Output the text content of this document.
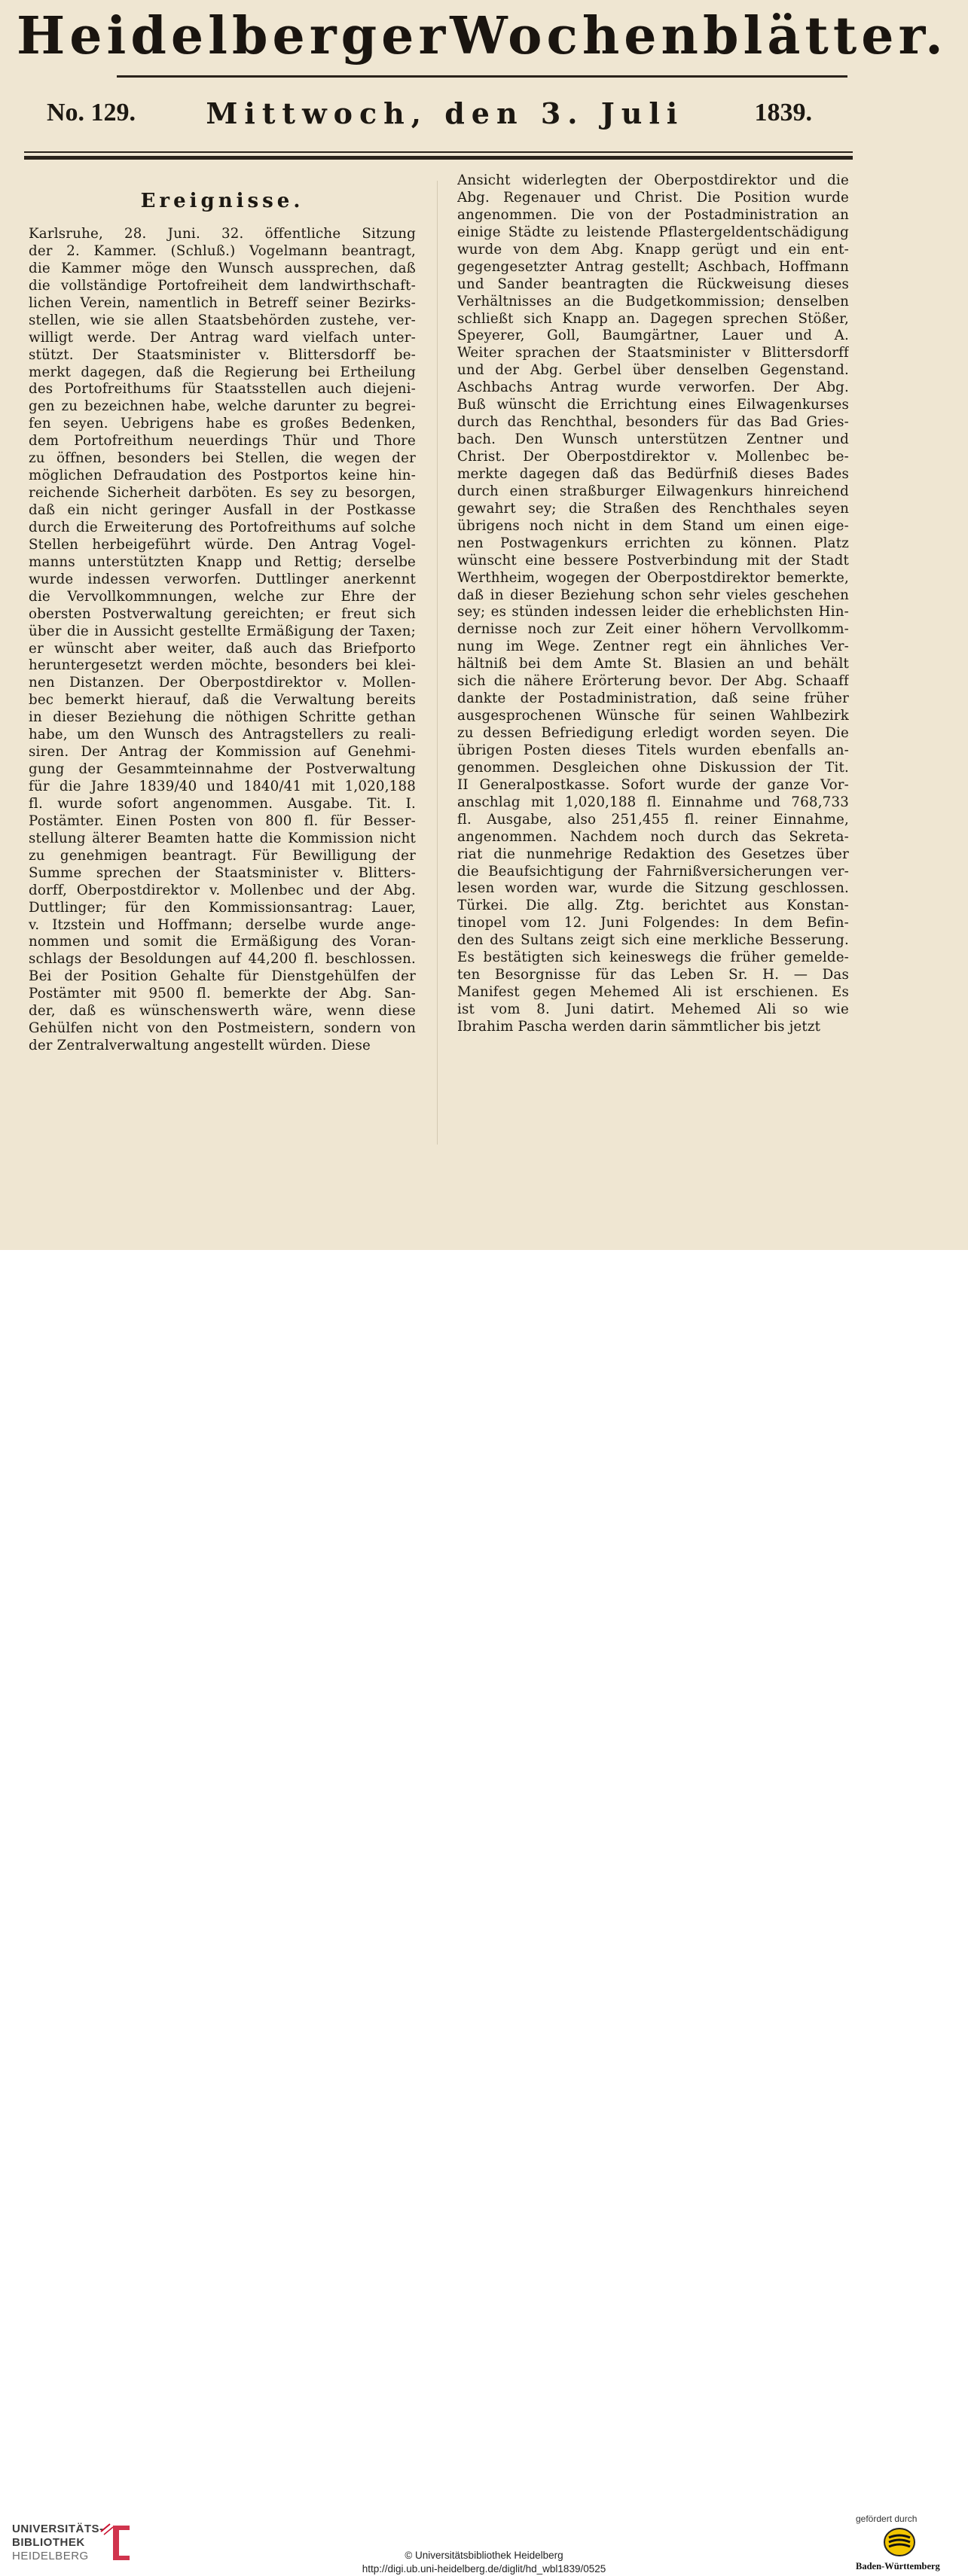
Heidelberger Wochenblätter.
No. 129. Mittwoch, den 3. Juli	1839.
Ereignisse.
Karlsruhe, 28. Juni. 32. öffentliche Sitzung
der 2. Kammer. (Schluß.) Vogelmann beantragt,
die Kammer möge den Wunsch aussprechen, daß
die vollständige Portofreiheit dem landwirthschaft-
lichen Verein, namentlich in Betreff seiner Bezirks-
stellen, wie sie allen Staatsbehörden zustehe, ver-
willigt werde. Der Antrag ward vielfach unter-
stützt. Der Staatsminister v. Blittersdorff be-
merkt dagegen, daß die Regierung bei Ertheilung
des Portofreithums für Staatsstellen auch diejeni-
gen zu bezeichnen habe, welche darunter zu begrei-
fen seyen. Uebrigens habe es großes Bedenken,
dem Portofreithum neuerdings Thür und Thore
zu öffnen, besonders bei Stellen, die wegen der
möglichen Defraudation des Postportos keine hin-
reichende Sicherheit darböten. Es sey zu besorgen,
daß ein nicht geringer Ausfall in der Postkasse
durch die Erweiterung des Portofreithums auf solche
Stellen herbeigeführt würde. Den Antrag Vogel-
manns unterstützten Knapp und Rettig; derselbe
wurde indessen verworfen. Duttlinger anerkennt
die Vervollkommnungen, welche zur Ehre der
obersten Postverwaltung gereichten; er freut sich
über die in Aussicht gestellte Ermäßigung der Taxen;
er wünscht aber weiter, daß auch das Briefporto
heruntergesetzt werden möchte, besonders bei klei-
nen Distanzen. Der Oberpostdirektor v. Mollen-
bec bemerkt hierauf, daß die Verwaltung bereits
in dieser Beziehung die nöthigen Schritte gethan
habe, um den Wunsch des Antragstellers zu reali-
siren. Der Antrag der Kommission auf Genehmi-
gung der Gesammteinnahme der Postverwaltung
für die Jahre 1839/40 und 1840/41 mit 1,020,188
fl. wurde sofort angenommen. Ausgabe. Tit. I.
Postämter. Einen Posten von 800 fl. für Besser-
stellung älterer Beamten hatte die Kommission nicht
zu genehmigen beantragt. Für Bewilligung der
Summe sprechen der Staatsminister v. Blitters-
dorff, Oberpostdirektor v. Mollenbec und der Abg.
Duttlinger; für den Kommissionsantrag: Lauer,
v. Itzstein und Hoffmann; derselbe wurde ange-
nommen und somit die Ermäßigung des Voran-
schlags der Besoldungen auf 44,200 fl. beschlossen.
Bei der Position Gehalte für Dienstgehülfen der
Postämter mit 9500 fl. bemerkte der Abg. San-
der, daß es wünschenswerth wäre, wenn diese
Gehülfen nicht von den Postmeistern, sondern von
der Zentralverwaltung angestellt würden. Diese
Ansicht widerlegten der Oberpostdirektor und die
Abg. Regenauer und Christ. Die Position wurde
angenommen. Die von der Postadministration an
einige Städte zu leistende Pflastergeldentschädigung
wurde von dem Abg. Knapp gerügt und ein ent-
gegengesetzter Antrag gestellt; Aschbach, Hoffmann
und Sander beantragten die Rückweisung dieses
Verhältnisses an die Budgetkommission; denselben
schließt sich Knapp an. Dagegen sprechen Stößer,
Speyerer, Goll, Baumgärtner, Lauer und A.
Weiter sprachen der Staatsminister v Blittersdorff
und der Abg. Gerbel über denselben Gegenstand.
Aschbachs Antrag wurde verworfen. Der Abg.
Buß wünscht die Errichtung eines Eilwagenkurses
durch das Renchthal, besonders für das Bad Gries-
bach. Den Wunsch unterstützen Zentner und
Christ. Der Oberpostdirektor v. Mollenbec be-
merkte dagegen daß das Bedürfniß dieses Bades
durch einen straßburger Eilwagenkurs hinreichend
gewahrt sey; die Straßen des Renchthales seyen
übrigens noch nicht in dem Stand um einen eige-
nen Postwagenkurs errichten zu können. Platz
wünscht eine bessere Postverbindung mit der Stadt
Werthheim, wogegen der Oberpostdirektor bemerkte,
daß in dieser Beziehung schon sehr vieles geschehen
sey; es stünden indessen leider die erheblichsten Hin-
dernisse noch zur Zeit einer höhern Vervollkomm-
nung im Wege. Zentner regt ein ähnliches Ver-
hältniß bei dem Amte St. Blasien an und behält
sich die nähere Erörterung bevor. Der Abg. Schaaff
dankte der Postadministration, daß seine früher
ausgesprochenen Wünsche für seinen Wahlbezirk
zu dessen Befriedigung erledigt worden seyen. Die
übrigen Posten dieses Titels wurden ebenfalls an-
genommen. Desgleichen ohne Diskussion der Tit.
II Generalpostkasse. Sofort wurde der ganze Vor-
anschlag mit 1,020,188 fl. Einnahme und 768,733
fl. Ausgabe, also 251,455 fl. reiner Einnahme,
angenommen. Nachdem noch durch das Sekreta-
riat die nunmehrige Redaktion des Gesetzes über
die Beaufsichtigung der Fahrnißversicherungen ver-
lesen worden war, wurde die Sitzung geschlossen.
Türkei. Die allg. Ztg. berichtet aus Konstan-
tinopel vom 12. Juni Folgendes: In dem Befin-
den des Sultans zeigt sich eine merkliche Besserung.
Es bestätigten sich keineswegs die früher gemelde-
ten Besorgnisse für das Leben Sr. H. — Das
Manifest gegen Mehemed Ali ist erschienen. Es
ist vom 8. Juni datirt. Mehemed Ali so wie
Ibrahim Pascha werden darin sämmtlicher bis jetzt
UNIVERSITÄTS-
BIBLIOTHEK
HEIDELBERG	© Universitätsbibliothek Heidelberg
http://digi.ub.uni-heidelberg.de/diglit/hd_wbl1839/0525
gefördert durch
Baden-Württemberg
